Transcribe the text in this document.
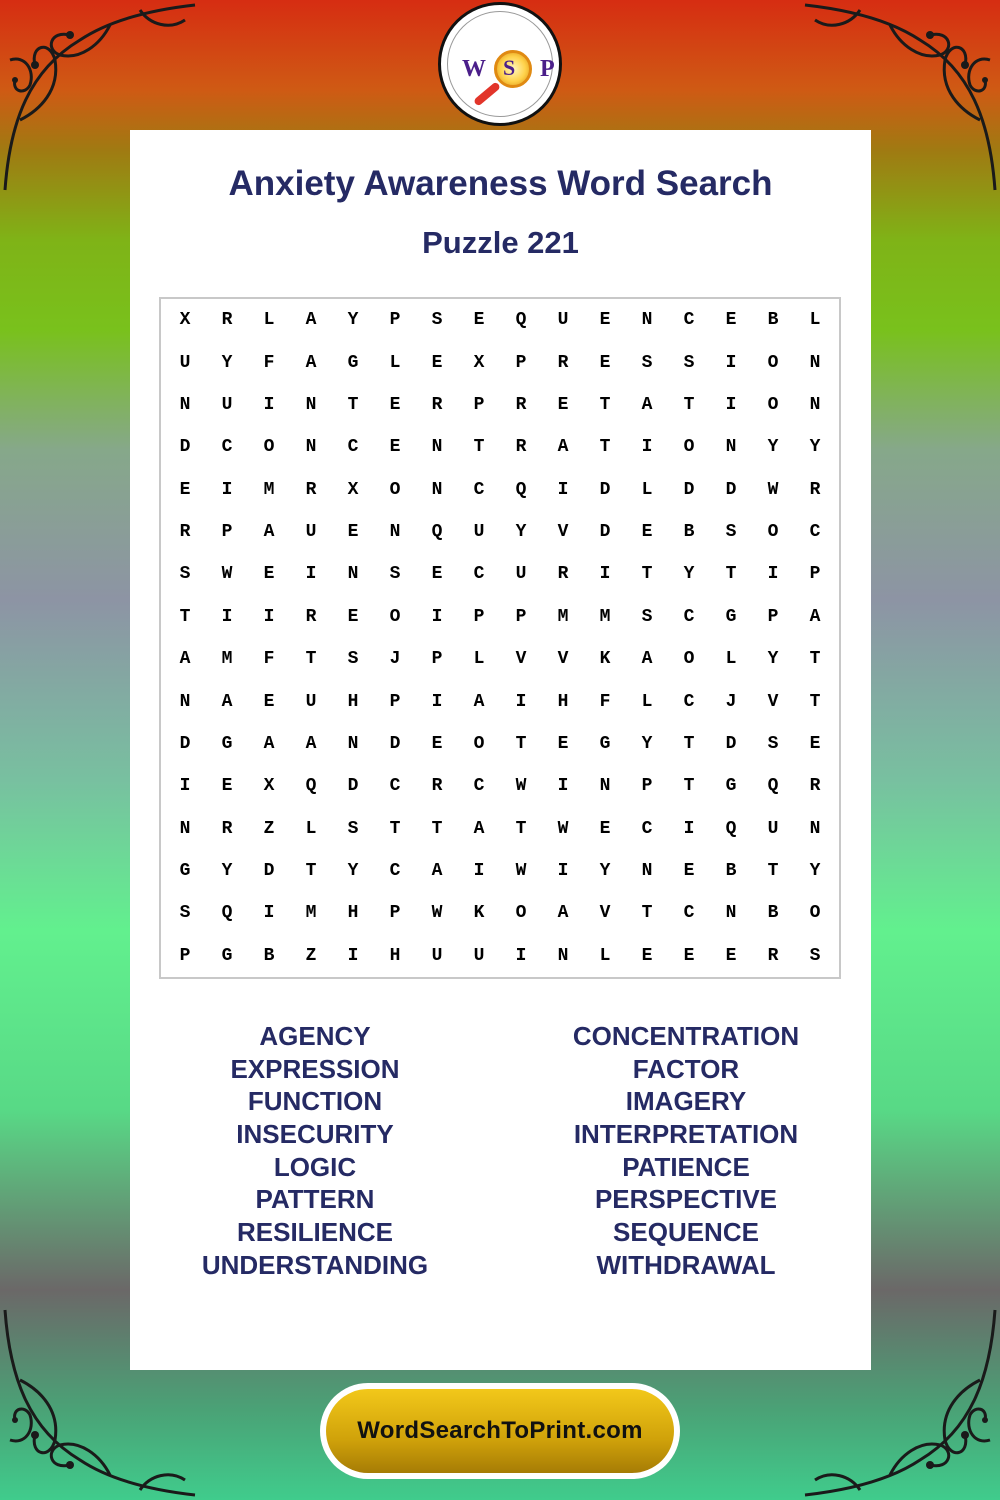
W S P
Anxiety Awareness Word Search
Puzzle 221
X	R	L	A	Y	P	S	E	Q	U	E	N	C	E	B	L
U	Y	F	A	G	L	E	X	P	R	E	S	S	I	O	N
N	U	I	N	T	E	R	P	R	E	T	A	T	I	O	N
D	C	O	N	C	E	N	T	R	A	T	I	O	N	Y	Y
E	I	M	R	X	O	N	C	Q	I	D	L	D	D	W	R
R	P	A	U	E	N	Q	U	Y	V	D	E	B	S	O	C
S	W	E	I	N	S	E	C	U	R	I	T	Y	T	I	P
T	I	I	R	E	O	I	P	P	M	M	S	C	G	P	A
A	M	F	T	S	J	P	L	V	V	K	A	O	L	Y	T
N	A	E	U	H	P	I	A	I	H	F	L	C	J	V	T
D	G	A	A	N	D	E	O	T	E	G	Y	T	D	S	E
I	E	X	Q	D	C	R	C	W	I	N	P	T	G	Q	R
N	R	Z	L	S	T	T	A	T	W	E	C	I	Q	U	N
G	Y	D	T	Y	C	A	I	W	I	Y	N	E	B	T	Y
S	Q	I	M	H	P	W	K	O	A	V	T	C	N	B	O
P	G	B	Z	I	H	U	U	I	N	L	E	E	E	R	S
AGENCY
EXPRESSION
FUNCTION
INSECURITY
LOGIC
PATTERN
RESILIENCE
UNDERSTANDING
CONCENTRATION
FACTOR
IMAGERY
INTERPRETATION
PATIENCE
PERSPECTIVE
SEQUENCE
WITHDRAWAL
WordSearchToPrint.com
